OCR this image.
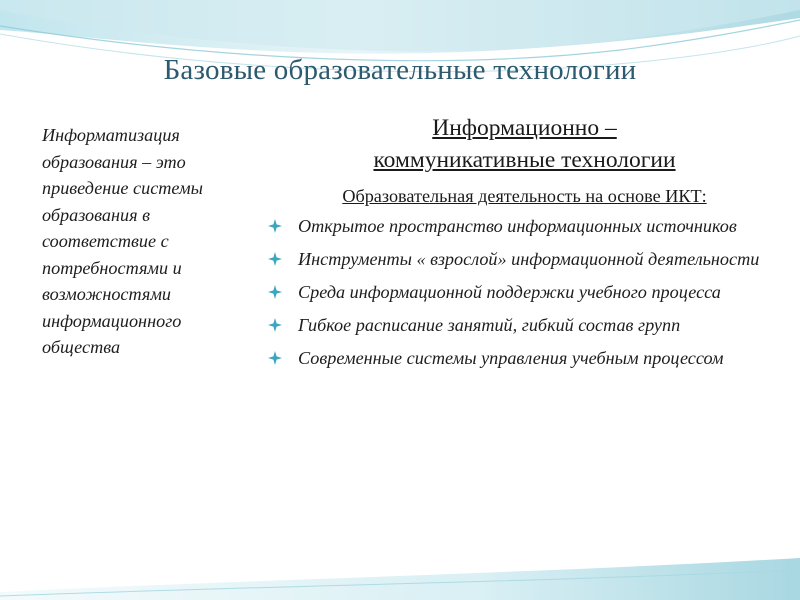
Базовые образовательные технологии

Информатизация образования – это приведение системы образования в соответствие с потребностями и возможностями информационного общества

Информационно –
коммуникативные технологии
Образовательная деятельность на основе ИКТ:
Открытое пространство информационных источников
Инструменты « взрослой» информационной деятельности
Среда информационной поддержки учебного процесса
Гибкое расписание занятий, гибкий состав групп
Современные системы управления учебным процессом
